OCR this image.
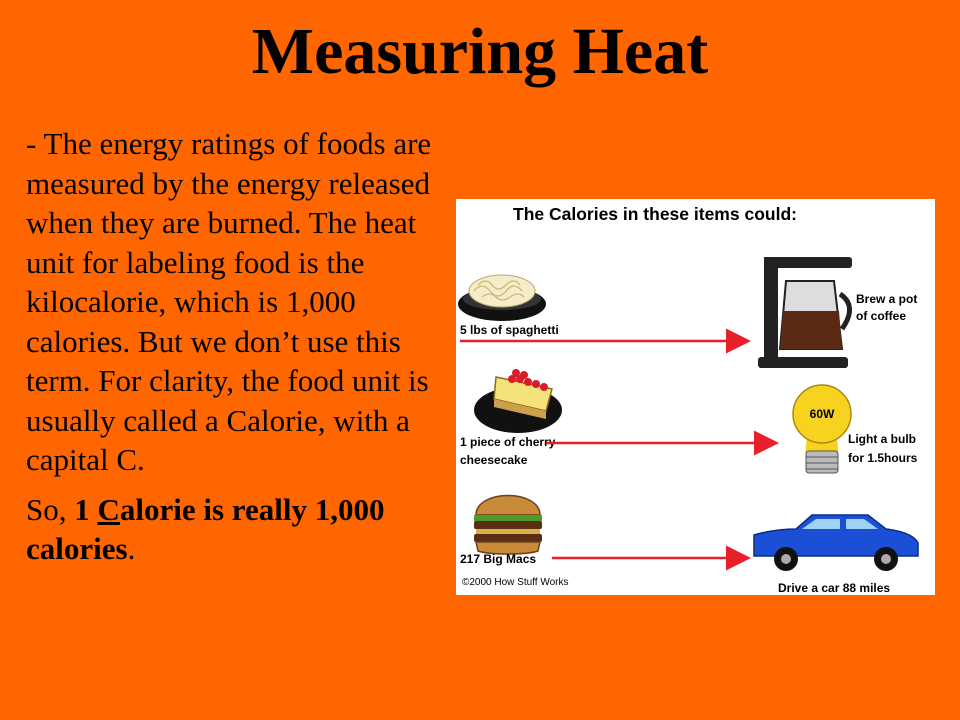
Measuring Heat

- The energy ratings of foods are measured by the energy released when they are burned. The heat unit for labeling food is the kilocalorie, which is 1,000 calories. But we don’t use this term. For clarity, the food unit is usually called a Calorie, with a capital C.

So, 1 Calorie is really 1,000 calories.

The Calories in these items could:
5 lbs of spaghetti
Brew a pot
of coffee
1 piece of cherry
cheesecake
60W
Light a bulb
for 1.5hours
217 Big Macs
©2000 How Stuff Works	Drive a car 88 miles
